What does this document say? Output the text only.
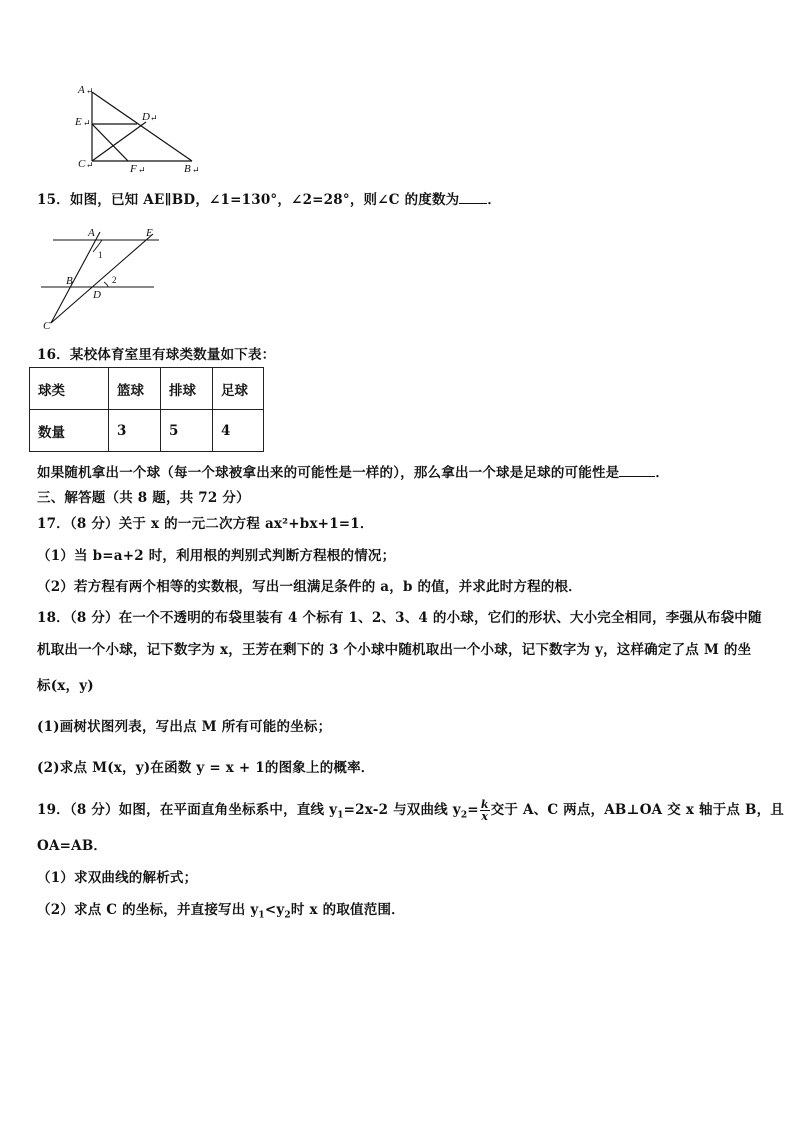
A ↵
E ↵	D ↵
C ↵	F ↵	B ↵
15．如图，已知 AE∥BD，∠1=130°，∠2=28°，则∠C 的度数为 ．
A	E
1
B	2
D
C
16．某校体育室里有球类数量如下表：
球类	篮球	排球	足球
数量	3	5	4
如果随机拿出一个球（每一个球被拿出来的可能性是一样的），那么拿出一个球是足球的可能性是	．
三、解答题（共 8 题，共 72 分）
17．（8 分）关于 x 的一元二次方程 ax²+bx+1=1．
（1）当 b=a+2 时，利用根的判别式判断方程根的情况；
（2）若方程有两个相等的实数根，写出一组满足条件的 a，b 的值，并求此时方程的根．
18．（8 分）在一个不透明的布袋里装有 4 个标有 1、2、3、4 的小球，它们的形状、大小完全相同，李强从布袋中随
机取出一个小球，记下数字为 x，王芳在剩下的 3 个小球中随机取出一个小球，记下数字为 y，这样确定了点 M 的坐
标(x，y)
(1)画树状图列表，写出点 M 所有可能的坐标；
(2)求点 M(x，y)在函数 y = x + 1的图象上的概率．
19．（8 分）如图，在平面直角坐标系中，直线 $y_1=2x-2$ 与双曲线 $y_2= \frac{k}{x}$ 交于 A、C 两点，AB⊥OA 交 x 轴于点 B，且
OA=AB．
（1）求双曲线的解析式；
（2）求点 C 的坐标，并直接写出 $y_1<y_2$时 x 的取值范围．
